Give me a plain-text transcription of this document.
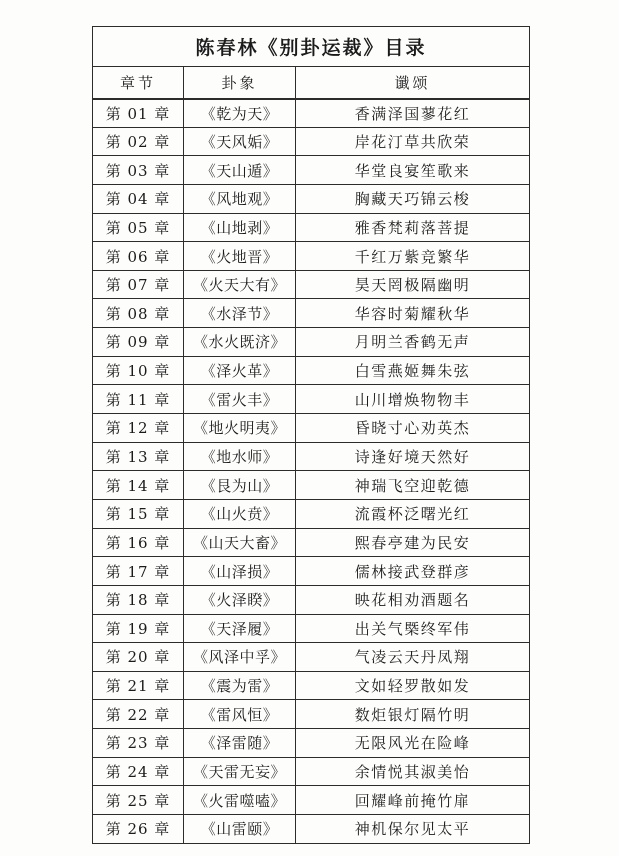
陈春林《别卦运裁》目录		
章节	卦象	谶颂
第 01 章	《乾为天》	香满泽国蓼花红
第 02 章	《天风姤》	岸花汀草共欣荣
第 03 章	《天山遁》	华堂良宴笙歌来
第 04 章	《风地观》	胸藏天巧锦云梭
第 05 章	《山地剥》	雅香梵莉落菩提
第 06 章	《火地晋》	千红万紫竞繁华
第 07 章	《火天大有》	昊天罔极隔幽明
第 08 章	《水泽节》	华容时菊耀秋华
第 09 章	《水火既济》	月明兰香鹤无声
第 10 章	《泽火革》	白雪燕姬舞朱弦
第 11 章	《雷火丰》	山川增焕物物丰
第 12 章	《地火明夷》	昏晓寸心劝英杰
第 13 章	《地水师》	诗逢好境天然好
第 14 章	《艮为山》	神瑞飞空迎乾德
第 15 章	《山火贲》	流霞杯泛曙光红
第 16 章	《山天大畜》	熙春亭建为民安
第 17 章	《山泽损》	儒林接武登群彦
第 18 章	《火泽睽》	映花相劝酒题名
第 19 章	《天泽履》	出关气槩终军伟
第 20 章	《风泽中孚》	气凌云天丹凤翔
第 21 章	《震为雷》	文如轻罗散如发
第 22 章	《雷风恒》	数炬银灯隔竹明
第 23 章	《泽雷随》	无限风光在险峰
第 24 章	《天雷无妄》	余情悦其淑美怡
第 25 章	《火雷噬嗑》	回耀峰前掩竹扉
第 26 章	《山雷颐》	神机保尔见太平
